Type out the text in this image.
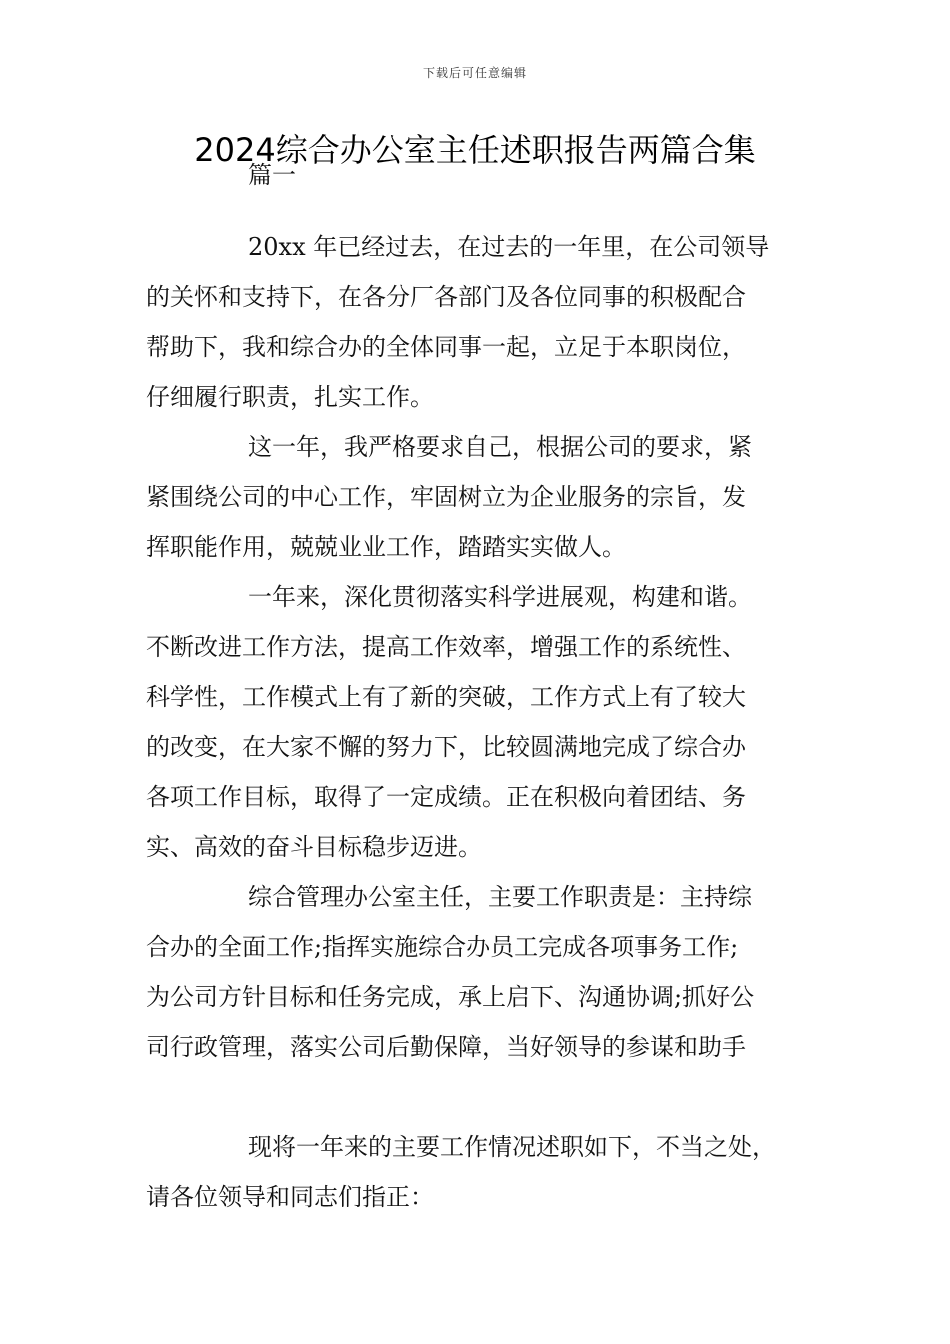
下载后可任意编辑
2024综合办公室主任述职报告两篇合集
篇一
20xx 年已经过去，在过去的一年里，在公司领导
的关怀和支持下，在各分厂各部门及各位同事的积极配合
帮助下，我和综合办的全体同事一起，立足于本职岗位，
仔细履行职责，扎实工作。
这一年，我严格要求自己，根据公司的要求，紧
紧围绕公司的中心工作，牢固树立为企业服务的宗旨，发
挥职能作用，兢兢业业工作，踏踏实实做人。
一年来，深化贯彻落实科学进展观，构建和谐。
不断改进工作方法，提高工作效率，增强工作的系统性、
科学性，工作模式上有了新的突破，工作方式上有了较大
的改变，在大家不懈的努力下，比较圆满地完成了综合办
各项工作目标，取得了一定成绩。正在积极向着团结、务
实、高效的奋斗目标稳步迈进。
综合管理办公室主任，主要工作职责是：主持综
合办的全面工作;指挥实施综合办员工完成各项事务工作;
为公司方针目标和任务完成，承上启下、沟通协调;抓好公
司行政管理，落实公司后勤保障，当好领导的参谋和助手
现将一年来的主要工作情况述职如下，不当之处，
请各位领导和同志们指正：
